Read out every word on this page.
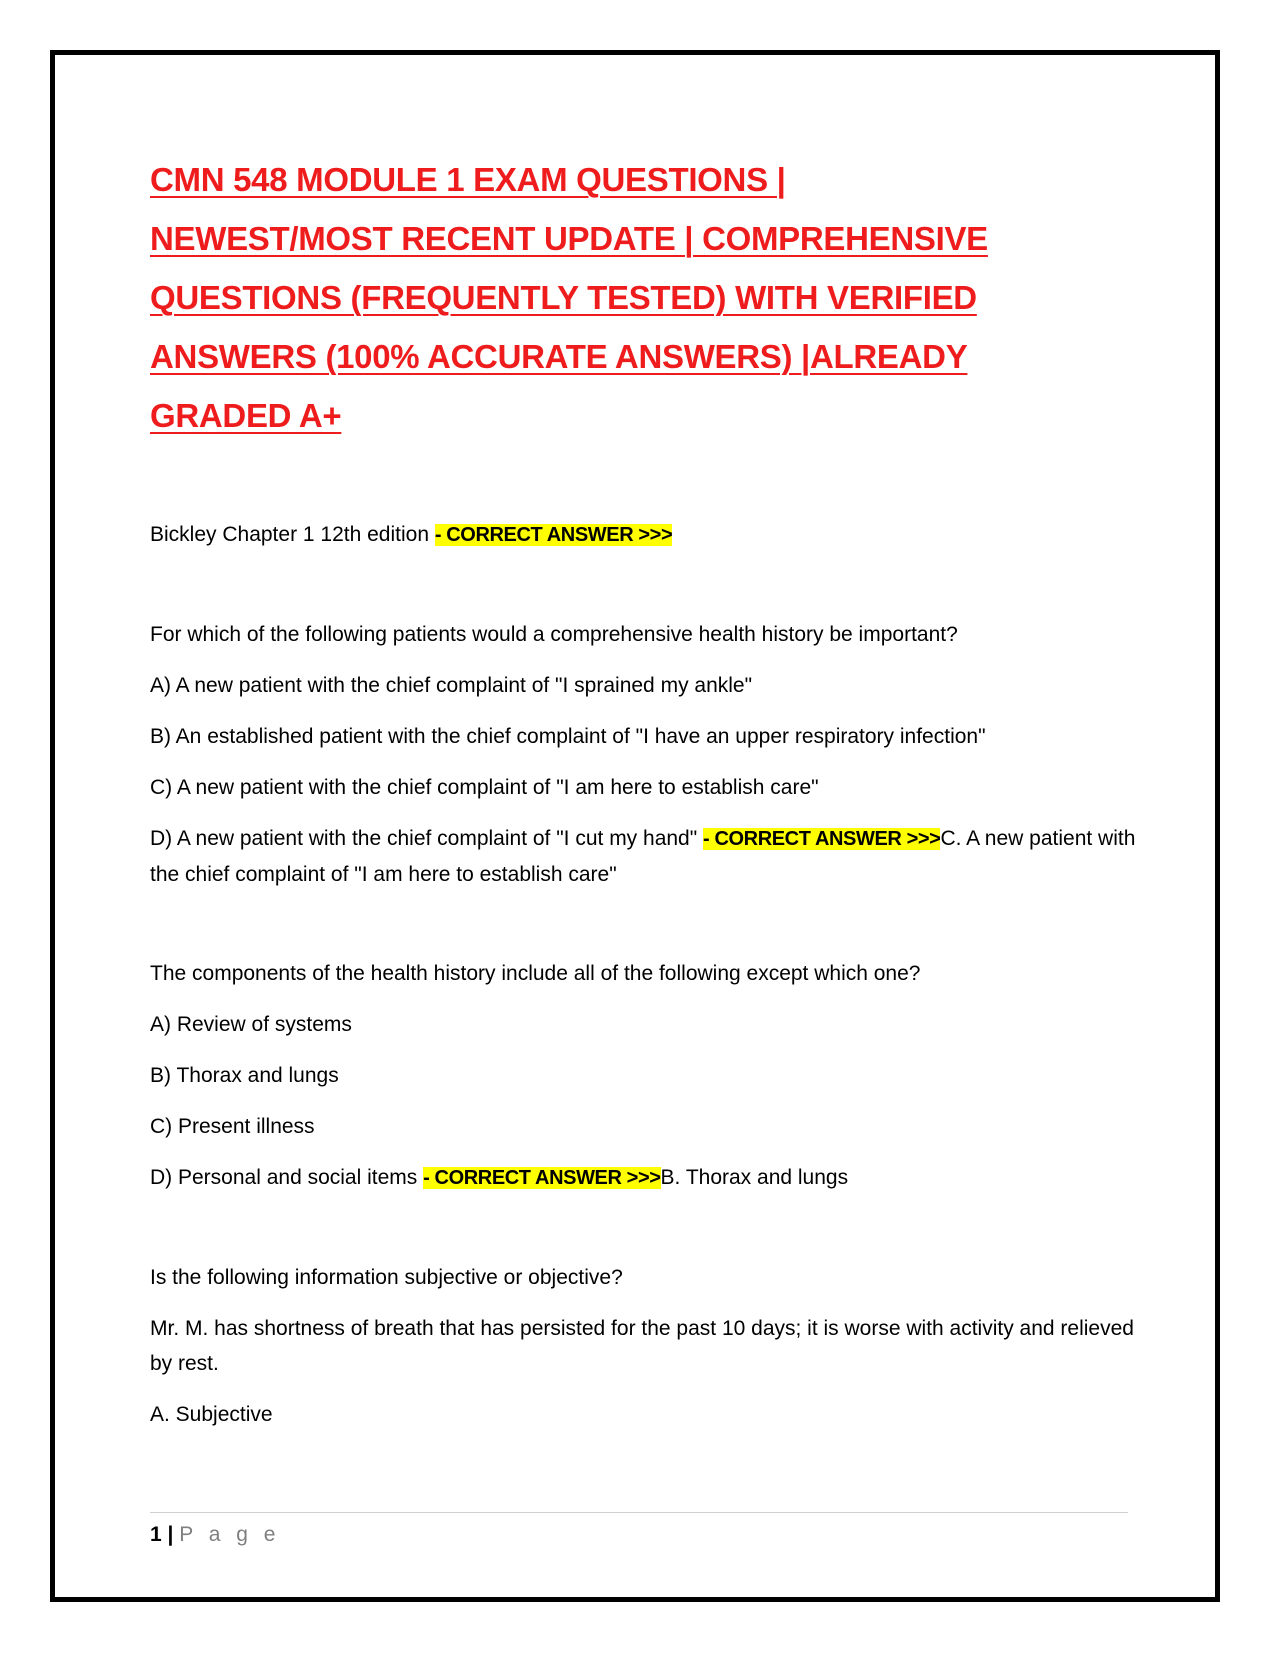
CMN 548 MODULE 1 EXAM QUESTIONS |
NEWEST/MOST RECENT UPDATE | COMPREHENSIVE
QUESTIONS (FREQUENTLY TESTED) WITH VERIFIED
ANSWERS (100% ACCURATE ANSWERS) |ALREADY
GRADED A+

Bickley Chapter 1 12th edition - CORRECT ANSWER >>>

For which of the following patients would a comprehensive health history be important?

A) A new patient with the chief complaint of "I sprained my ankle"

B) An established patient with the chief complaint of "I have an upper respiratory infection"

C) A new patient with the chief complaint of "I am here to establish care"

D) A new patient with the chief complaint of "I cut my hand" - CORRECT ANSWER >>>C. A new patient with the chief complaint of "I am here to establish care"

The components of the health history include all of the following except which one?

A) Review of systems

B) Thorax and lungs

C) Present illness

D) Personal and social items - CORRECT ANSWER >>>B. Thorax and lungs

Is the following information subjective or objective?

Mr. M. has shortness of breath that has persisted for the past 10 days; it is worse with activity and relieved by rest.

A. Subjective

1 | P a g e
